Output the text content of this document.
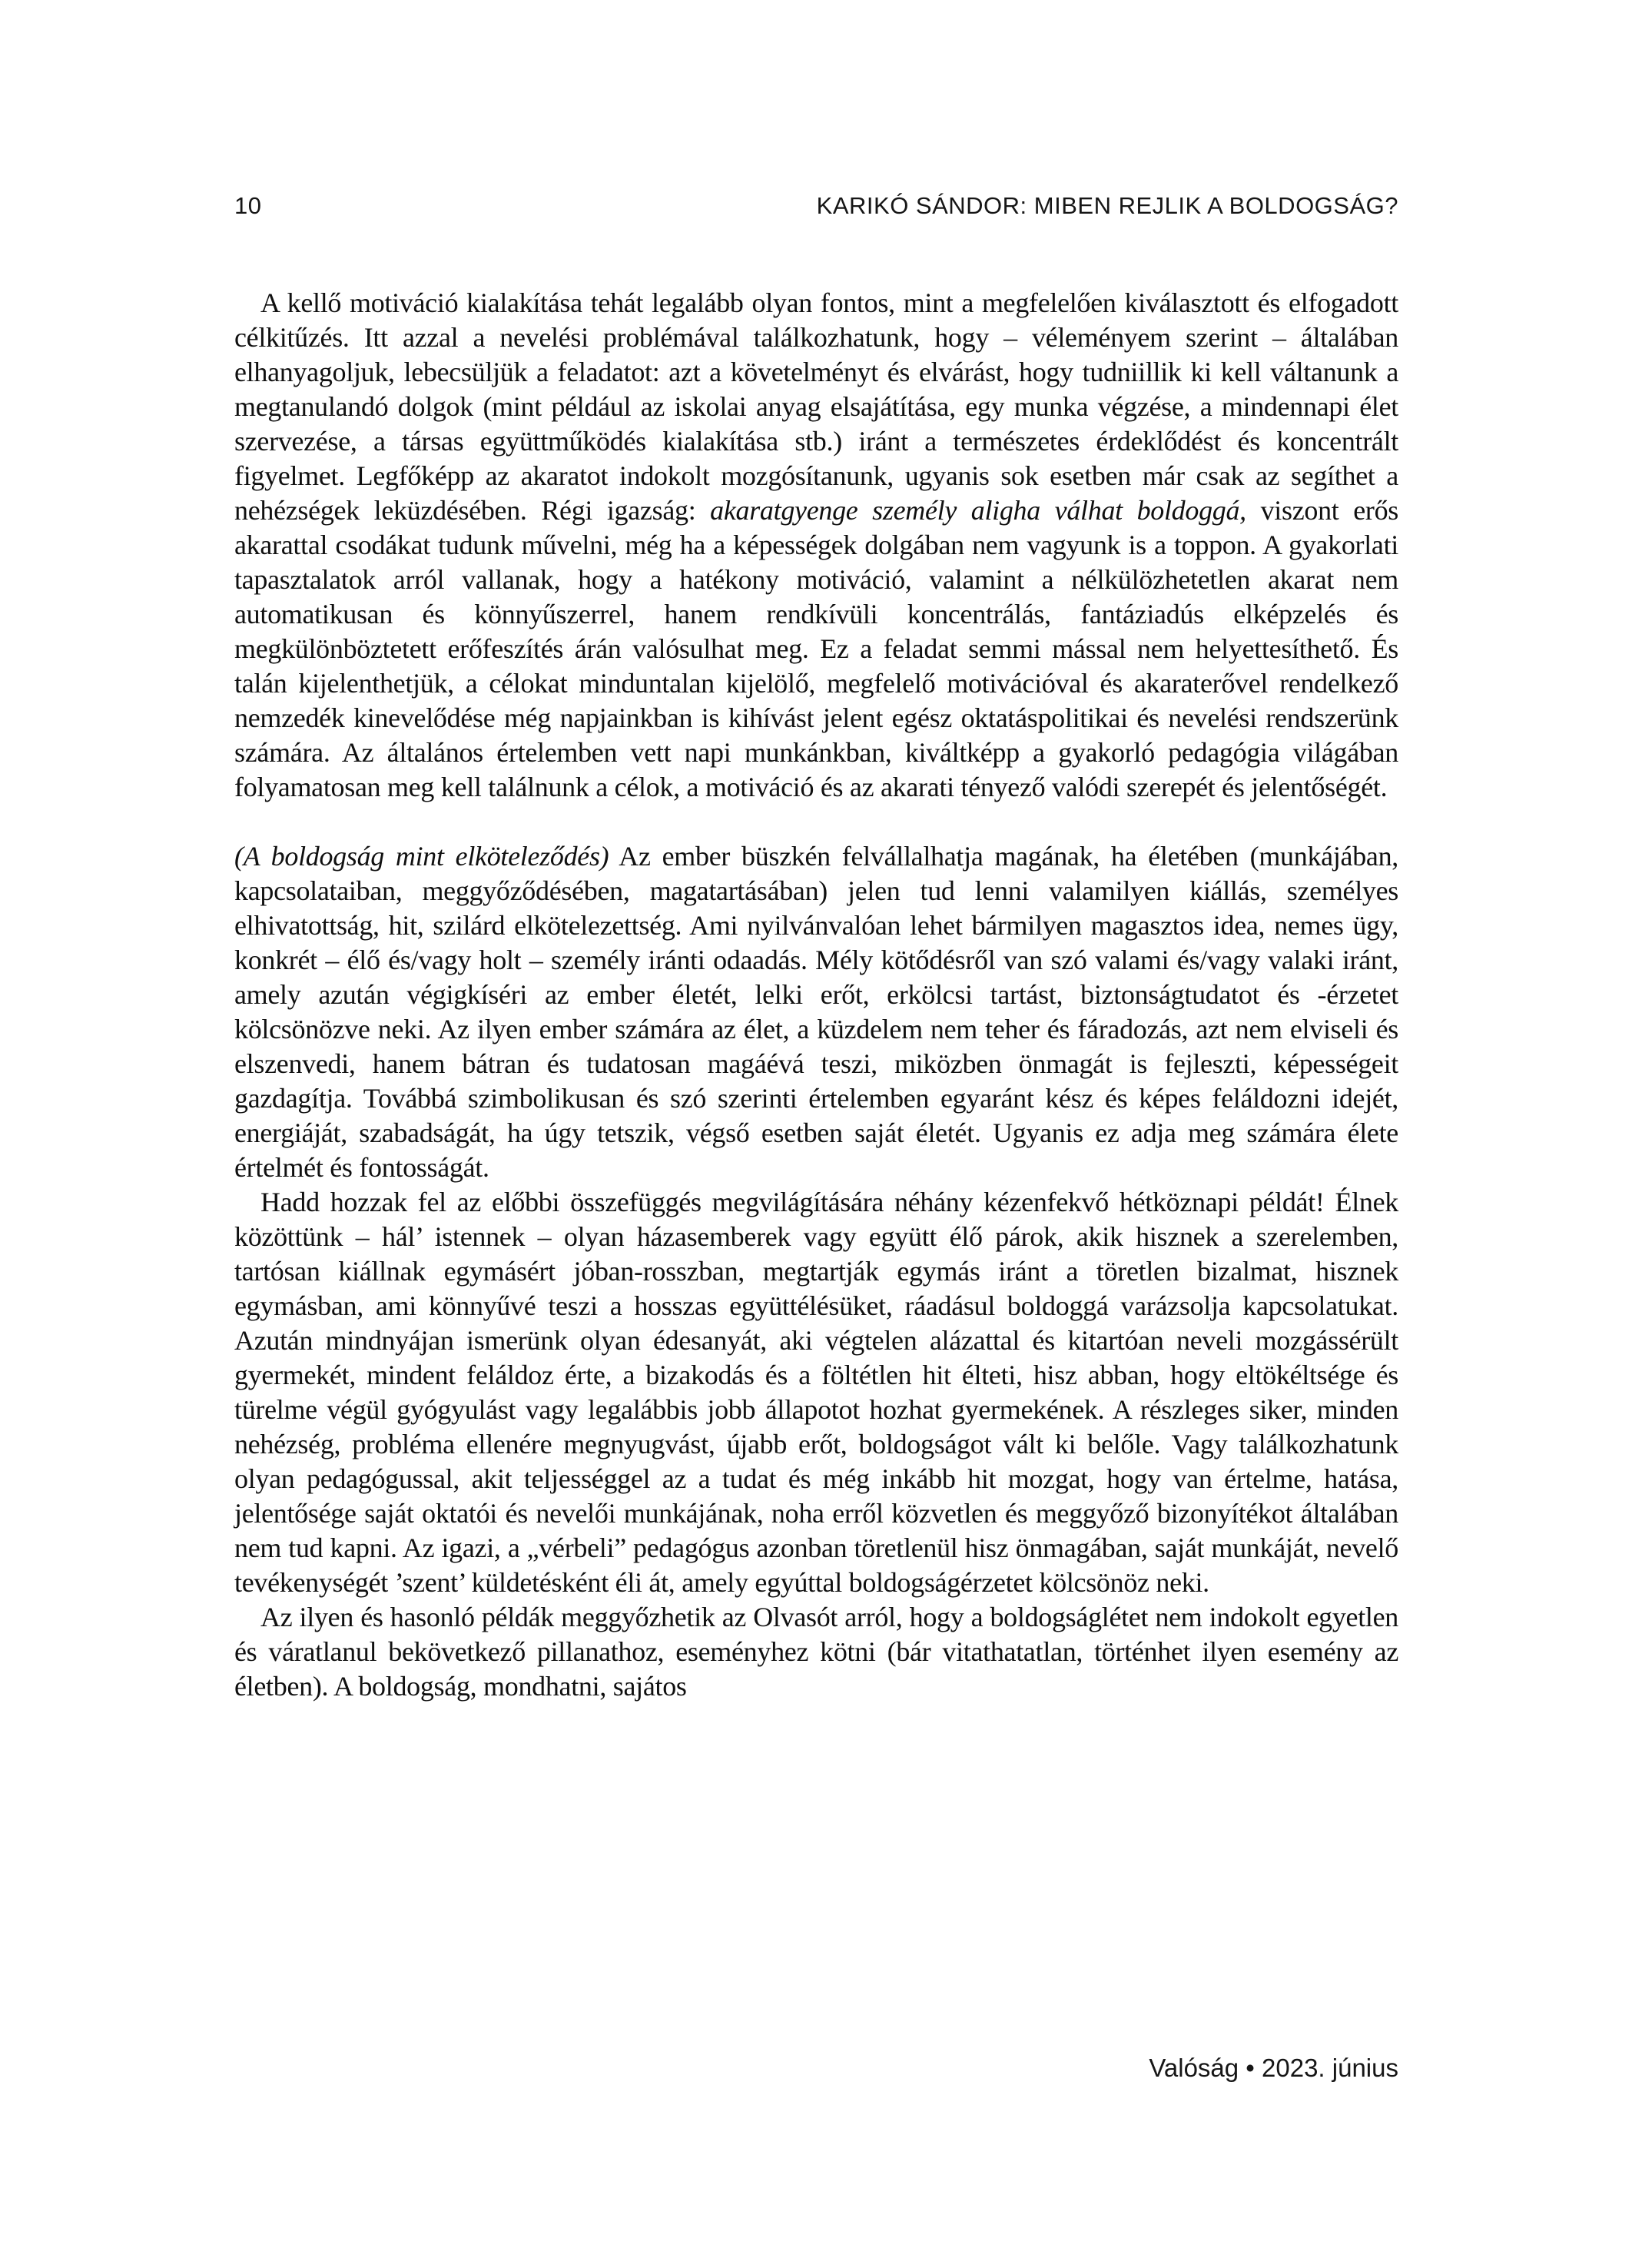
10	KARIKÓ SÁNDOR: MIBEN REJLIK A BOLDOGSÁG?

A kellő motiváció kialakítása tehát legalább olyan fontos, mint a megfelelően kiválasztott és elfogadott célkitűzés. Itt azzal a nevelési problémával találkozhatunk, hogy – véleményem szerint – általában elhanyagoljuk, lebecsüljük a feladatot: azt a követelményt és elvárást, hogy tudniillik ki kell váltanunk a megtanulandó dolgok (mint például az iskolai anyag elsajátítása, egy munka végzése, a mindennapi élet szervezése, a társas együttműködés kialakítása stb.) iránt a természetes érdeklődést és koncentrált figyelmet. Legfőképp az akaratot indokolt mozgósítanunk, ugyanis sok esetben már csak az segíthet a nehézségek leküzdésében. Régi igazság: akaratgyenge személy aligha válhat boldoggá, viszont erős akarattal csodákat tudunk művelni, még ha a képességek dolgában nem vagyunk is a toppon. A gyakorlati tapasztalatok arról vallanak, hogy a hatékony motiváció, valamint a nélkülözhetetlen akarat nem automatikusan és könnyűszerrel, hanem rendkívüli koncentrálás, fantáziadús elképzelés és megkülönböztetett erőfeszítés árán valósulhat meg. Ez a feladat semmi mással nem helyettesíthető. És talán kijelenthetjük, a célokat minduntalan kijelölő, megfelelő motivációval és akaraterővel rendelkező nemzedék kinevelődése még napjainkban is kihívást jelent egész oktatáspolitikai és nevelési rendszerünk számára. Az általános értelemben vett napi munkánkban, kiváltképp a gyakorló pedagógia világában folyamatosan meg kell találnunk a célok, a motiváció és az akarati tényező valódi szerepét és jelentőségét.

(A boldogság mint elköteleződés) Az ember büszkén felvállalhatja magának, ha életében (munkájában, kapcsolataiban, meggyőződésében, magatartásában) jelen tud lenni valamilyen kiállás, személyes elhivatottság, hit, szilárd elkötelezettség. Ami nyilvánvalóan lehet bármilyen magasztos idea, nemes ügy, konkrét – élő és/vagy holt – személy iránti odaadás. Mély kötődésről van szó valami és/vagy valaki iránt, amely azután végigkíséri az ember életét, lelki erőt, erkölcsi tartást, biztonságtudatot és -érzetet kölcsönözve neki. Az ilyen ember számára az élet, a küzdelem nem teher és fáradozás, azt nem elviseli és elszenvedi, hanem bátran és tudatosan magáévá teszi, miközben önmagát is fejleszti, képességeit gazdagítja. Továbbá szimbolikusan és szó szerinti értelemben egyaránt kész és képes feláldozni idejét, energiáját, szabadságát, ha úgy tetszik, végső esetben saját életét. Ugyanis ez adja meg számára élete értelmét és fontosságát.

Hadd hozzak fel az előbbi összefüggés megvilágítására néhány kézenfekvő hétköznapi példát! Élnek közöttünk – hál’ istennek – olyan házasemberek vagy együtt élő párok, akik hisznek a szerelemben, tartósan kiállnak egymásért jóban-rosszban, megtartják egymás iránt a töretlen bizalmat, hisznek egymásban, ami könnyűvé teszi a hosszas együttélésüket, ráadásul boldoggá varázsolja kapcsolatukat. Azután mindnyájan ismerünk olyan édesanyát, aki végtelen alázattal és kitartóan neveli mozgássérült gyermekét, mindent feláldoz érte, a bizakodás és a föltétlen hit élteti, hisz abban, hogy eltökéltsége és türelme végül gyógyulást vagy legalábbis jobb állapotot hozhat gyermekének. A részleges siker, minden nehézség, probléma ellenére megnyugvást, újabb erőt, boldogságot vált ki belőle. Vagy találkozhatunk olyan pedagógussal, akit teljességgel az a tudat és még inkább hit mozgat, hogy van értelme, hatása, jelentősége saját oktatói és nevelői munkájának, noha erről közvetlen és meggyőző bizonyítékot általában nem tud kapni. Az igazi, a „vérbeli” pedagógus azonban töretlenül hisz önmagában, saját munkáját, nevelő tevékenységét ’szent’ küldetésként éli át, amely egyúttal boldogságérzetet kölcsönöz neki.

Az ilyen és hasonló példák meggyőzhetik az Olvasót arról, hogy a boldogságlétet nem indokolt egyetlen és váratlanul bekövetkező pillanathoz, eseményhez kötni (bár vitathatatlan, történhet ilyen esemény az életben). A boldogság, mondhatni, sajátos

Valóság • 2023. június
